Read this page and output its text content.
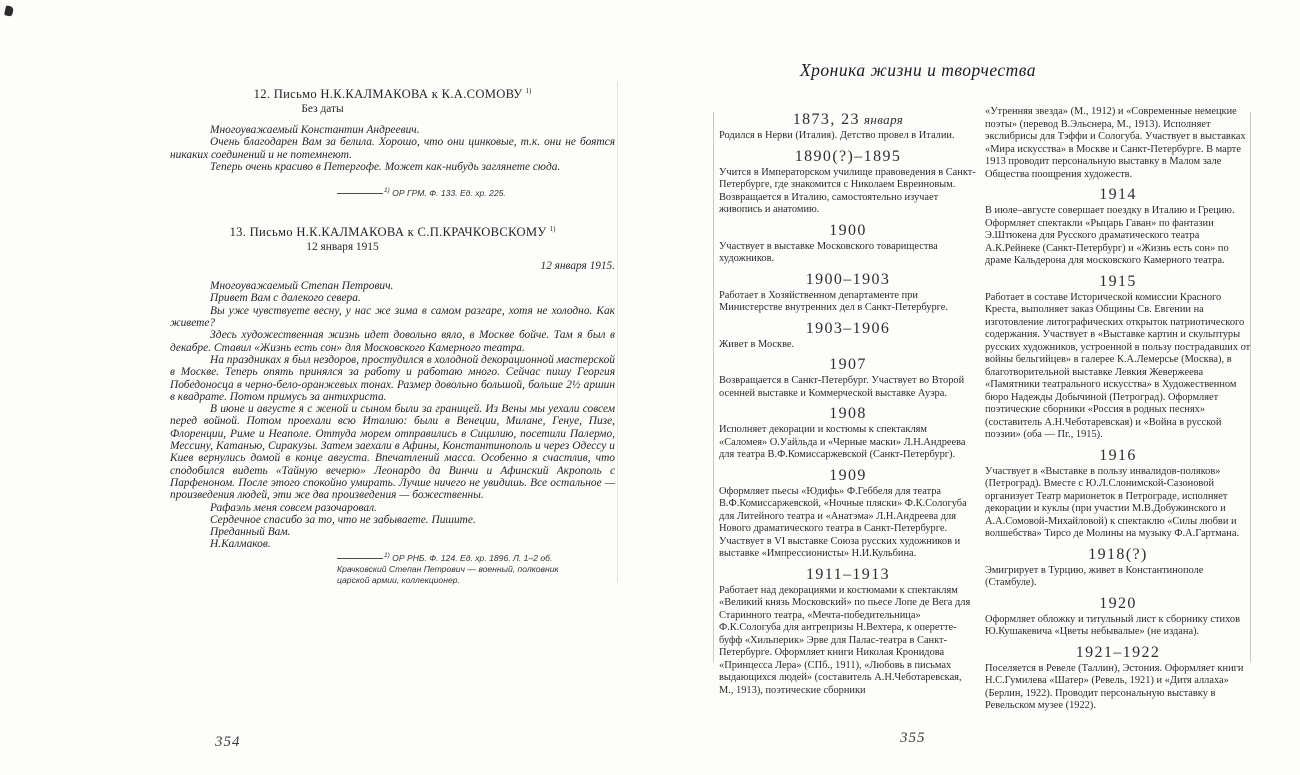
12. Письмо Н.К.КАЛМАКОВА к К.А.СОМОВУ $^{1)}$
Без даты

Многоуважаемый Константин Андреевич.

Очень благодарен Вам за белила. Хорошо, что они цинковые, т.к. они не боятся никаких соединений и не потемнеют.

Теперь очень красиво в Петергофе. Может как-нибудь заглянете сюда.

$^{1)}$ ОР ГРМ. Ф. 133. Ед. хр. 225.
13. Письмо Н.К.КАЛМАКОВА к С.П.КРАЧКОВСКОМУ $^{1)}$
12 января 1915
12 января 1915.

Многоуважаемый Степан Петрович.

Привет Вам с далекого севера.

Вы уже чувствуете весну, у нас же зима в самом разгаре, хотя не холодно. Как живете?

Здесь художественная жизнь идет довольно вяло, в Москве бойче. Там я был в декабре. Ставил «Жизнь есть сон» для Московского Камерного театра.

На праздниках я был нездоров, простудился в холодной декорационной мастерской в Москве. Теперь опять принялся за работу и работаю много. Сейчас пишу Георгия Победоносца в черно-бело-оранжевых тонах. Размер довольно большой, больше 2½ аршин в квадрате. Потом примусь за антихриста.

В июне и августе я с женой и сыном были за границей. Из Вены мы уехали совсем перед войной. Потом проехали всю Италию: были в Венеции, Милане, Генуе, Пизе, Флоренции, Риме и Неаполе. Оттуда морем отправились в Сицилию, посетили Палермо, Мессину, Катанью, Сиракузы. Затем заехали в Афины, Константинополь и через Одессу и Киев вернулись домой в конце августа. Впечатлений масса. Особенно я счастлив, что сподобился видеть «Тайную вечерю» Леонардо да Винчи и Афинский Акрополь с Парфеноном. После этого спокойно умирать. Лучше ничего не увидишь. Все остальное — произведения людей, эти же два произведения — божественны.

Рафаэль меня совсем разочаровал.

Сердечное спасибо за то, что не забываете. Пишите.

Преданный Вам.

Н.Калмаков.

$^{1)}$ ОР РНБ. Ф. 124. Ед. хр. 1896. Л. 1–2 об.
Крачковский Степан Петрович — военный, полковник царской армии, коллекционер.
354
Хроника жизни и творчества
1873, 23 января

Родился в Нерви (Италия). Детство провел в Италии.

1890(?)–1895

Учится в Императорском училище правоведения в Санкт-Петербурге, где знакомится с Николаем Евреиновым. Возвращается в Италию, самостоятельно изучает живопись и анатомию.

1900

Участвует в выставке Московского товарищества художников.

1900–1903

Работает в Хозяйственном департаменте при Министерстве внутренних дел в Санкт-Петербурге.

1903–1906

Живет в Москве.

1907

Возвращается в Санкт-Петербург. Участвует во Второй осенней выставке и Коммерческой выставке Ауэра.

1908

Исполняет декорации и костюмы к спектаклям «Саломея» О.Уайльда и «Черные маски» Л.Н.Андреева для театра В.Ф.Комиссаржевской (Санкт-Петербург).

1909

Оформляет пьесы «Юдифь» Ф.Геббеля для театра В.Ф.Комиссаржевской, «Ночные пляски» Ф.К.Сологуба для Литейного театра и «Анатэма» Л.Н.Андреева для Нового драматического театра в Санкт-Петербурге. Участвует в VI выставке Союза русских художников и выставке «Импрессионисты» Н.И.Кульбина.

1911–1913

Работает над декорациями и костюмами к спектаклям «Великий князь Московский» по пьесе Лопе де Вега для Старинного театра, «Мечта-победительница» Ф.К.Сологуба для антрепризы Н.Вехтера, к оперетте-буфф «Хильперик» Эрве для Палас-театра в Санкт-Петербурге. Оформляет книги Николая Кронидова «Принцесса Лера» (СПб., 1911), «Любовь в письмах выдающихся людей» (составитель А.Н.Чеботаревская, М., 1913), поэтические сборники

«Утренняя звезда» (М., 1912) и «Современные немецкие поэты» (перевод В.Эльснера, М., 1913). Исполняет экслибрисы для Тэффи и Сологуба. Участвует в выставках «Мира искусства» в Москве и Санкт-Петербурге. В марте 1913 проводит персональную выставку в Малом зале Общества поощрения художеств.

1914

В июле–августе совершает поездку в Италию и Грецию. Оформляет спектакли «Рыцарь Гаван» по фантазии Э.Штюкена для Русского драматического театра А.К.Рейнеке (Санкт-Петербург) и «Жизнь есть сон» по драме Кальдерона для московского Камерного театра.

1915

Работает в составе Исторической комиссии Красного Креста, выполняет заказ Общины Св. Евгении на изготовление литографических открыток патриотического содержания. Участвует в «Выставке картин и скульптуры русских художников, устроенной в пользу пострадавших от войны бельгийцев» в галерее К.А.Лемерсье (Москва), в благотворительной выставке Левкия Жевержеева «Памятники театрального искусства» в Художественном бюро Надежды Добычиной (Петроград). Оформляет поэтические сборники «Россия в родных песнях» (составитель А.Н.Чеботаревская) и «Война в русской поэзии» (оба — Пг., 1915).

1916

Участвует в «Выставке в пользу инвалидов-поляков» (Петроград). Вместе с Ю.Л.Слонимской-Сазоновой организует Театр марионеток в Петрограде, исполняет декорации и куклы (при участии М.В.Добужинского и А.А.Сомовой-Михайловой) к спектаклю «Силы любви и волшебства» Тирсо де Молины на музыку Ф.А.Гартмана.

1918(?)

Эмигрирует в Турцию, живет в Константинополе (Стамбуле).

1920

Оформляет обложку и титульный лист к сборнику стихов Ю.Кушакевича «Цветы небывалые» (не издана).

1921–1922

Поселяется в Ревеле (Таллин), Эстония. Оформляет книги Н.С.Гумилева «Шатер» (Ревель, 1921) и «Дитя аллаха» (Берлин, 1922). Проводит персональную выставку в Ревельском музее (1922).

355
